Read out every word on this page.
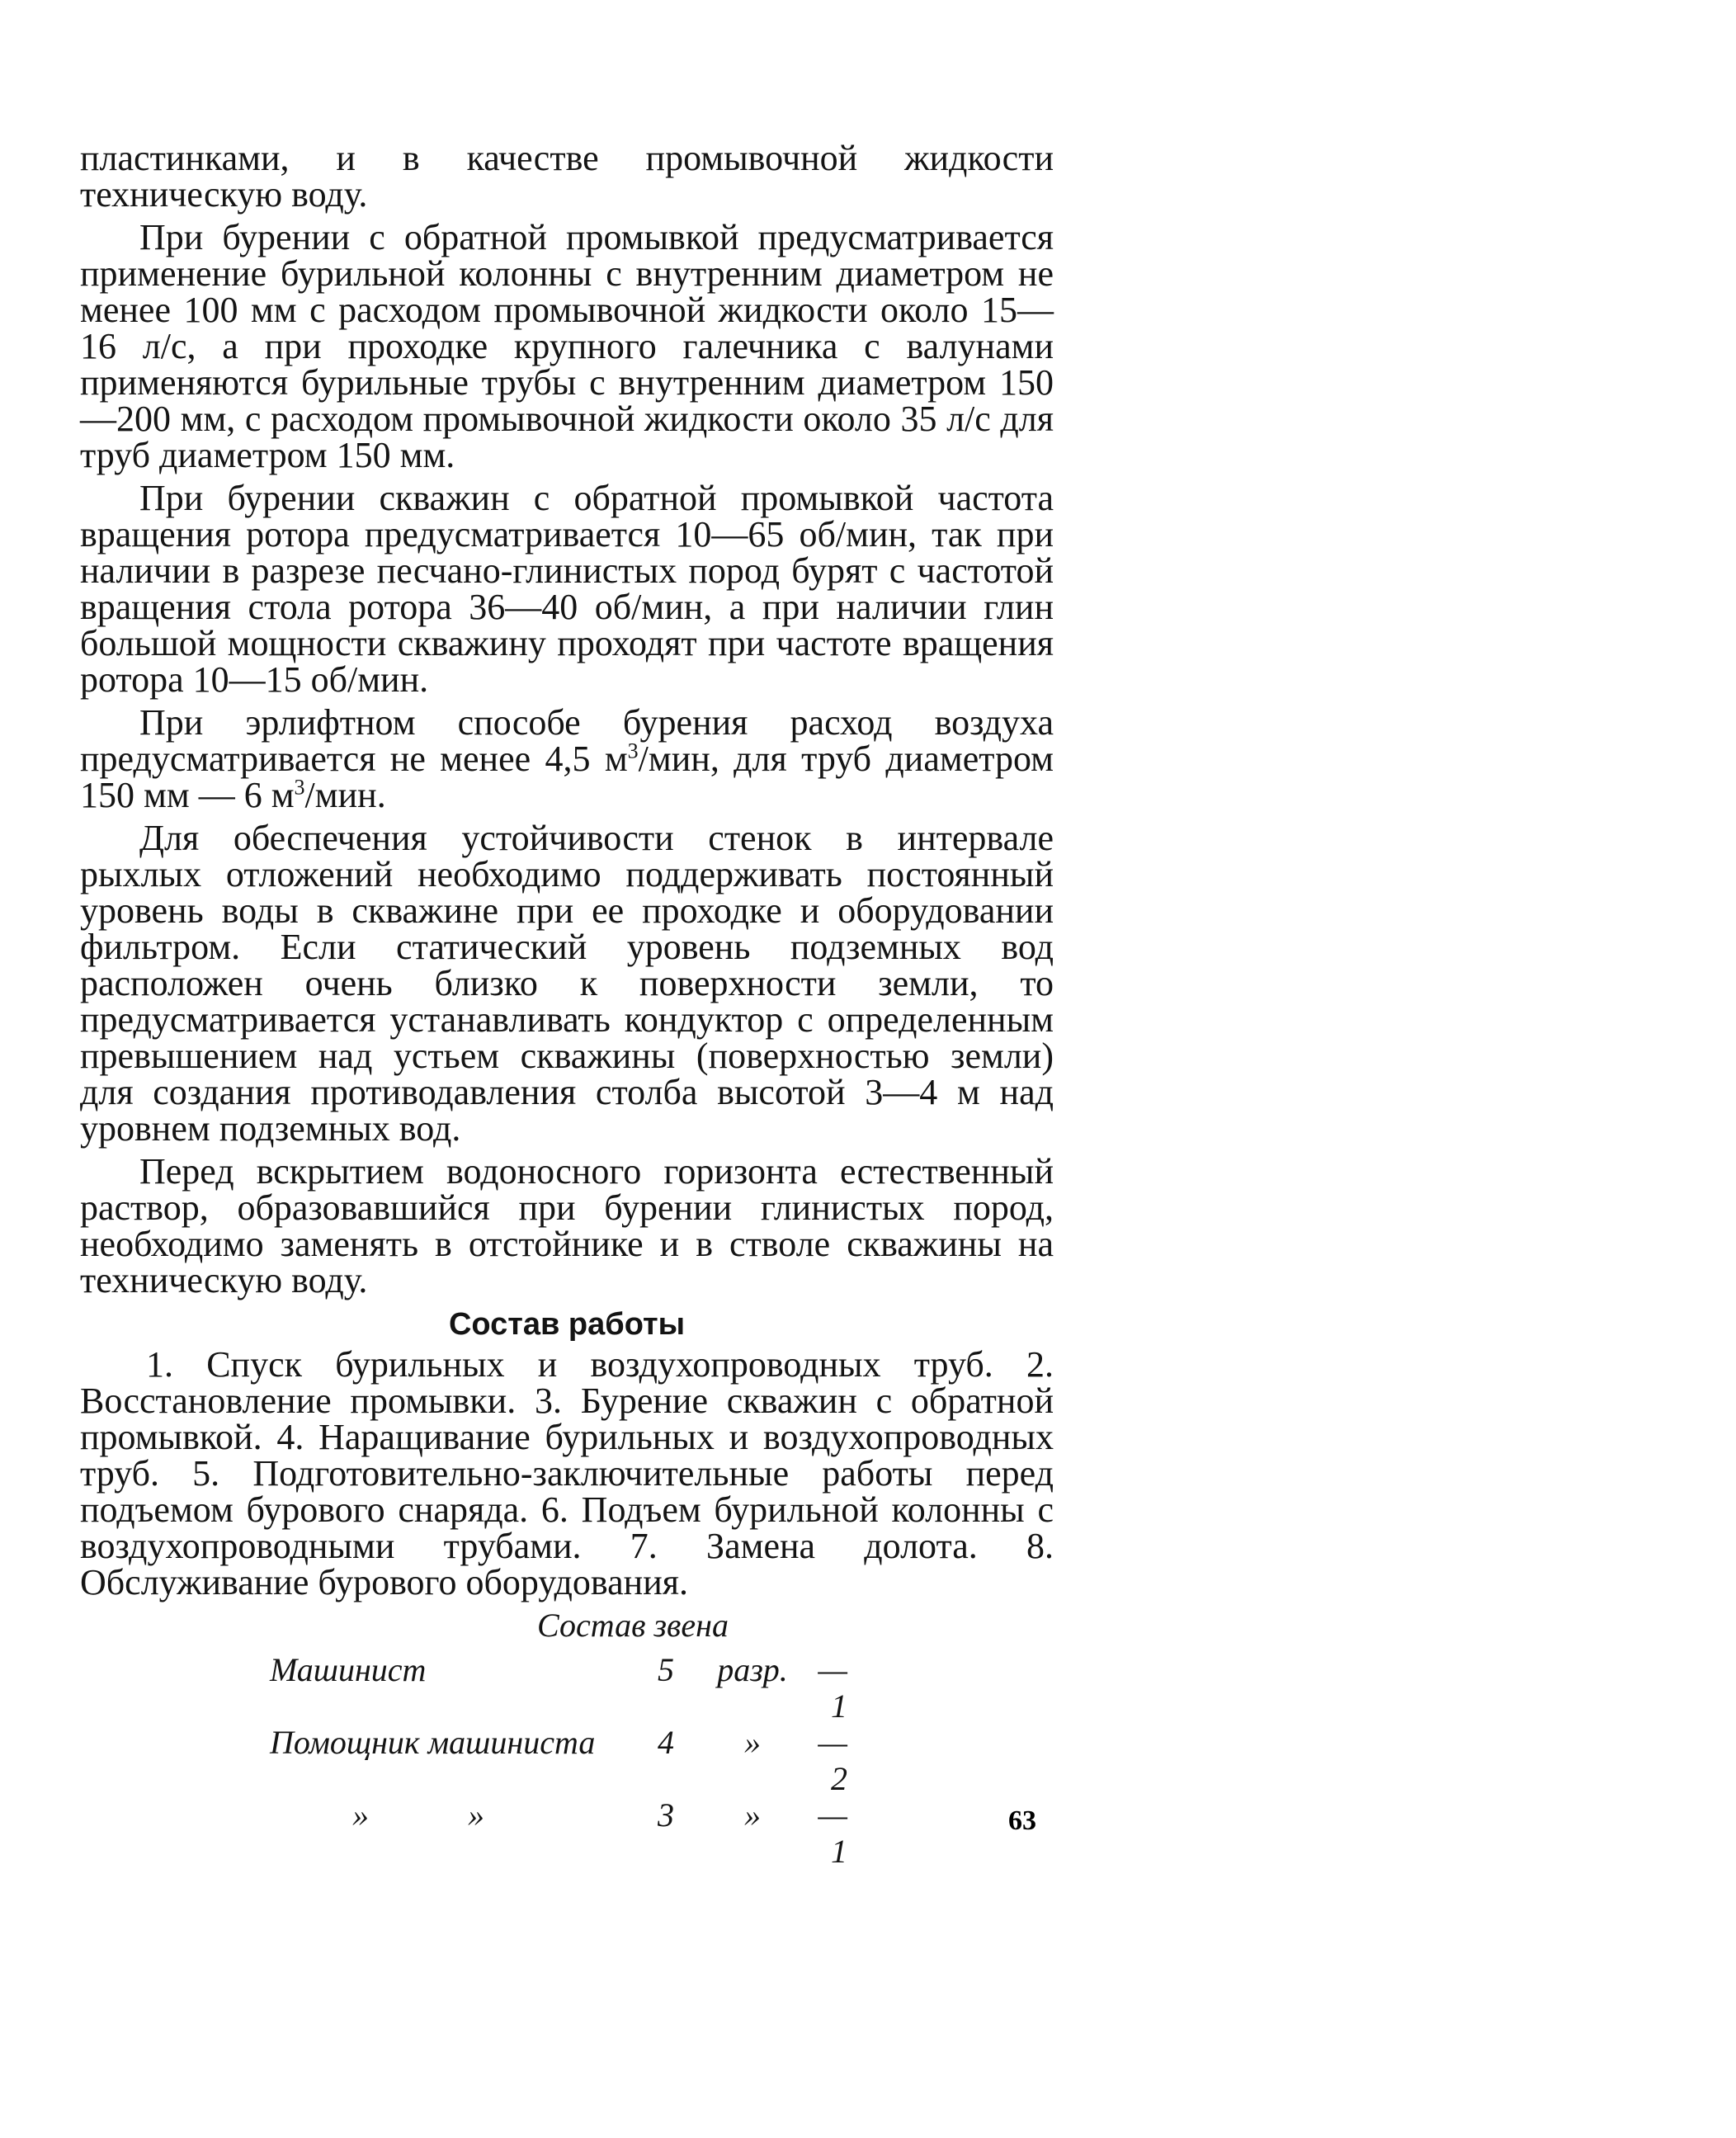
пластинками, и в качестве промывочной жидкости техническую воду.

При бурении с обратной промывкой предусматривается применение бурильной колонны с внутренним диаметром не менее 100 мм с расходом промывочной жидкости около 15—16 л/с, а при проходке крупного галечника с валунами применяются бурильные трубы с внутренним диаметром 150—200 мм, с расходом промывочной жидкости около 35 л/с для труб диаметром 150 мм.

При бурении скважин с обратной промывкой частота вращения ротора предусматривается 10—65 об/мин, так при наличии в разрезе песчано-глинистых пород бурят с частотой вращения стола ротора 36—40 об/мин, а при наличии глин большой мощности скважину проходят при частоте вращения ротора 10—15 об/мин.

При эрлифтном способе бурения расход воздуха предусматривается не менее 4,5 $м^3$/мин, для труб диаметром 150 мм — 6 $м^3$/мин.

Для обеспечения устойчивости стенок в интервале рыхлых отложений необходимо поддерживать постоянный уровень воды в скважине при ее проходке и оборудовании фильтром. Если статический уровень подземных вод расположен очень близко к поверхности земли, то предусматривается устанавливать кондуктор с определенным превышением над устьем скважины (поверхностью земли) для создания противодавления столба высотой 3—4 м над уровнем подземных вод.

Перед вскрытием водоносного горизонта естественный раствор, образовавшийся при бурении глинистых пород, необходимо заменять в отстойнике и в стволе скважины на техническую воду.

Состав работы

1. Спуск бурильных и воздухопроводных труб. 2. Восстановление промывки. 3. Бурение скважин с обратной промывкой. 4. Наращивание бурильных и воздухопроводных труб. 5. Подготовительно-заключительные работы перед подъемом бурового снаряда. 6. Подъем бурильной колонны с воздухопроводными трубами. 7. Замена долота. 8. Обслуживание бурового оборудования.

Состав звена
Машинист	5	разр. — 1
Помощник машиниста	4	»	— 2
»            »	3	»	— 1
63
